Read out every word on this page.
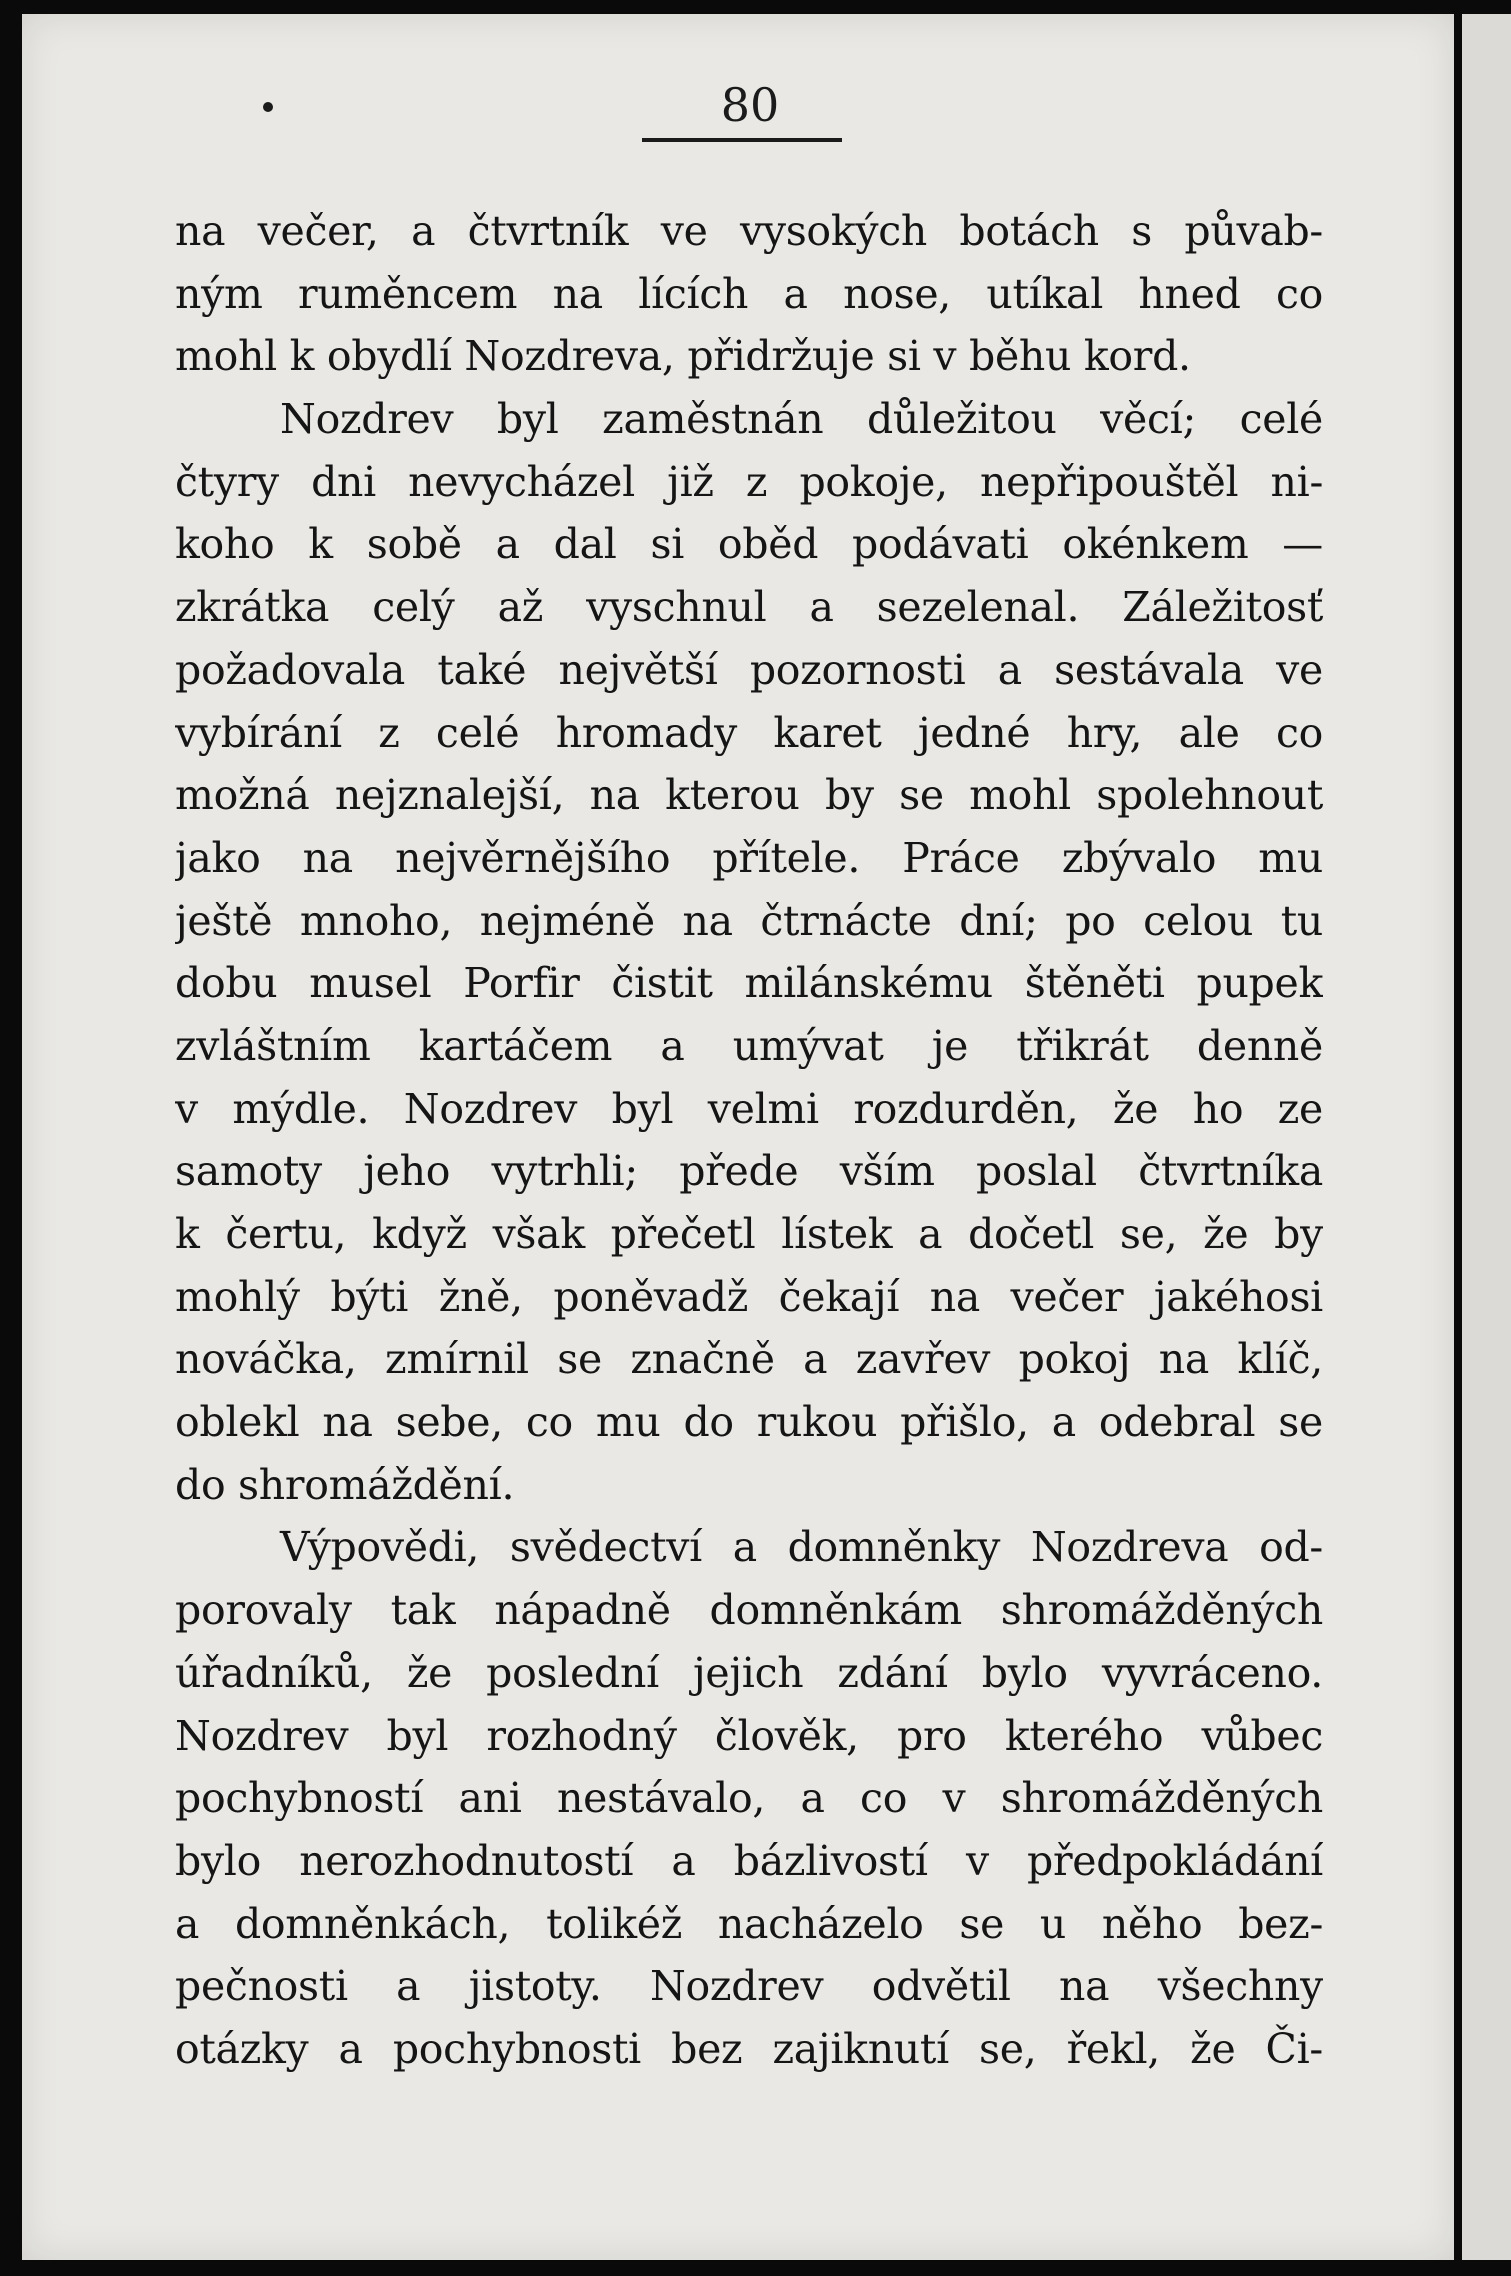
80
na večer, a čtvrtník ve vysokých botách s půvab-
ným ruměncem na lících a nose, utíkal hned co
mohl k obydlí Nozdreva, přidržuje si v běhu kord.
Nozdrev byl zaměstnán důležitou věcí; celé
čtyry dni nevycházel již z pokoje, nepřipouštěl ni-
koho k sobě a dal si oběd podávati okénkem —
zkrátka celý až vyschnul a sezelenal. Záležitosť
požadovala také největší pozornosti a sestávala ve
vybírání z celé hromady karet jedné hry, ale co
možná nejznalejší, na kterou by se mohl spolehnout
jako na nejvěrnějšího přítele. Práce zbývalo mu
ještě mnoho, nejméně na čtrnácte dní; po celou tu
dobu musel Porfir čistit milánskému štěněti pupek
zvláštním kartáčem a umývat je třikrát denně
v mýdle. Nozdrev byl velmi rozdurděn, že ho ze
samoty jeho vytrhli; přede vším poslal čtvrtníka
k čertu, když však přečetl lístek a dočetl se, že by
mohlý býti žně, poněvadž čekají na večer jakéhosi
nováčka, zmírnil se značně a zavřev pokoj na klíč,
oblekl na sebe, co mu do rukou přišlo, a odebral se
do shromáždění.
Výpovědi, svědectví a domněnky Nozdreva od-
porovaly tak nápadně domněnkám shromážděných
úřadníků, že poslední jejich zdání bylo vyvráceno.
Nozdrev byl rozhodný člověk, pro kterého vůbec
pochybností ani nestávalo, a co v shromážděných
bylo nerozhodnutostí a bázlivostí v předpokládání
a domněnkách, tolikéž nacházelo se u něho bez-
pečnosti a jistoty. Nozdrev odvětil na všechny
otázky a pochybnosti bez zajiknutí se, řekl, že Či-
